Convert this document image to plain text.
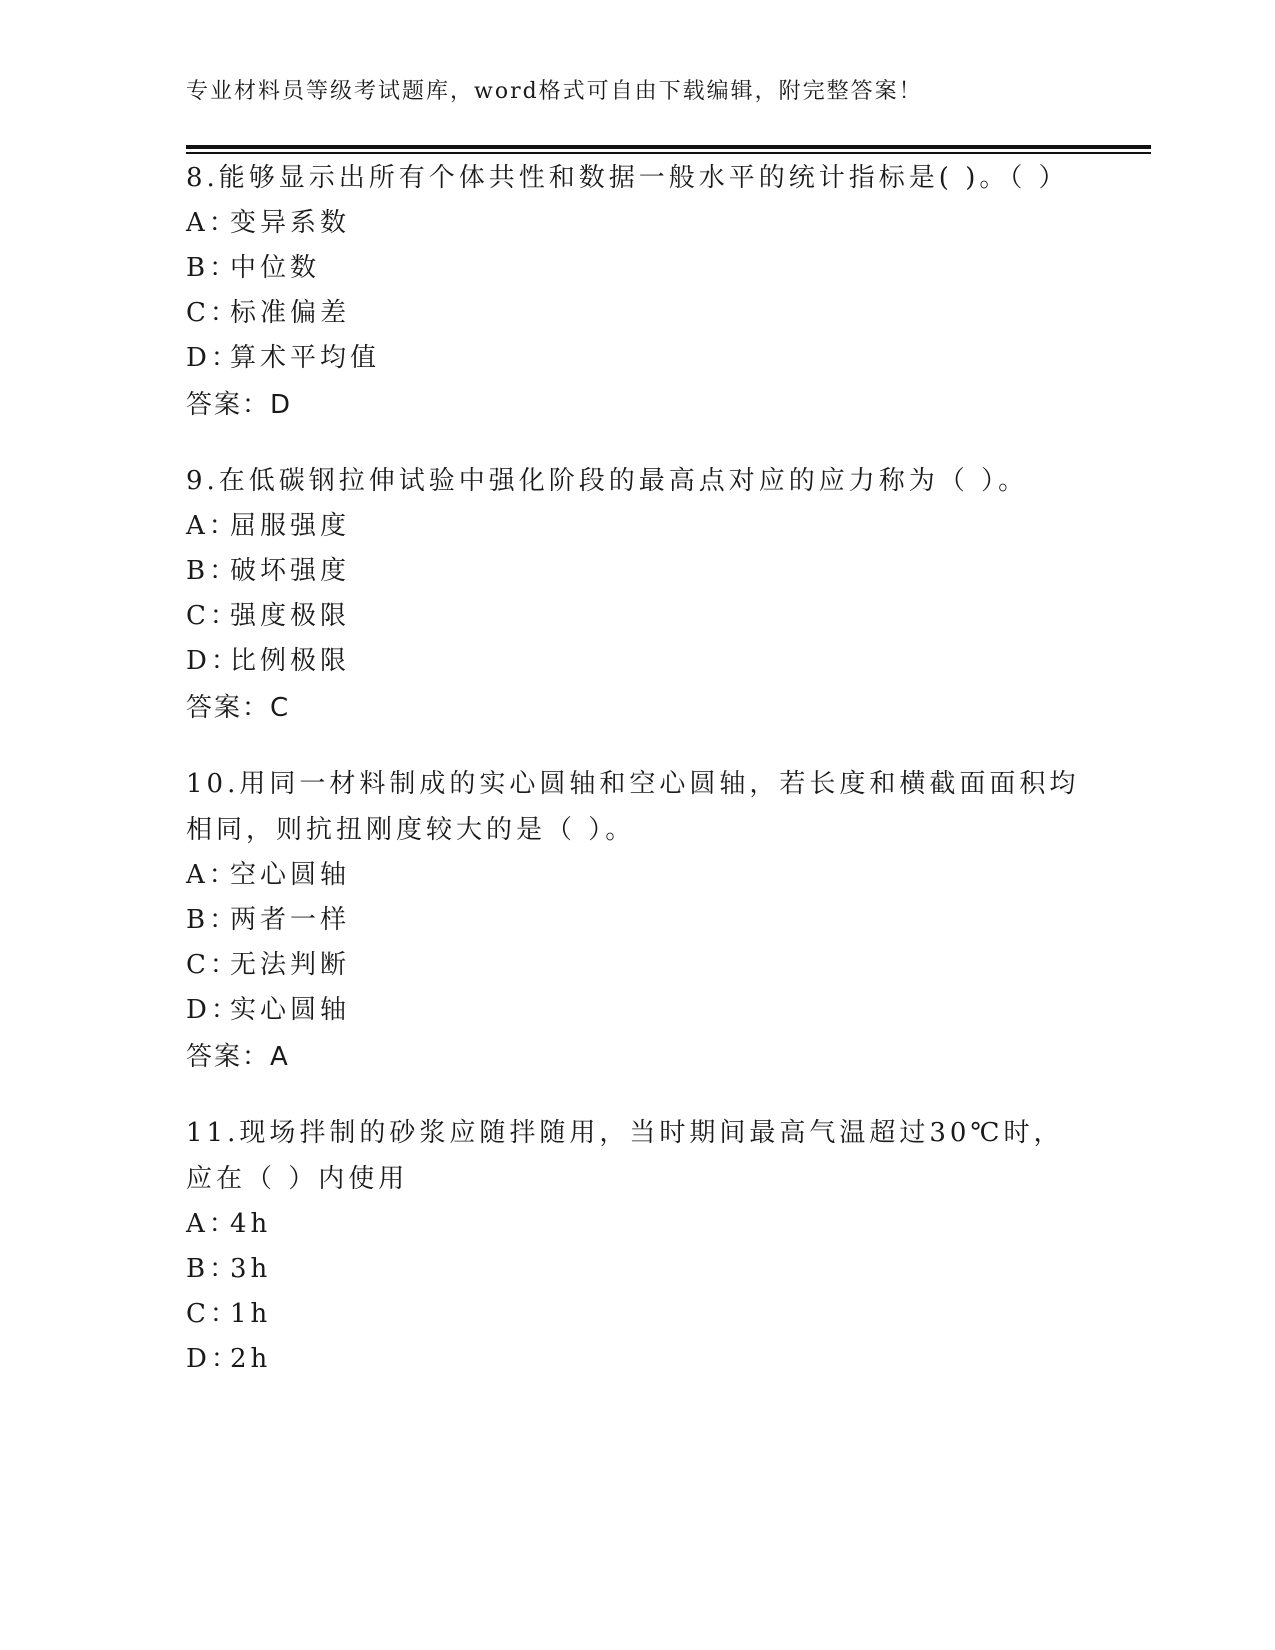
专业材料员等级考试题库，word格式可自由下载编辑，附完整答案！

8.能够显示出所有个体共性和数据一般水平的统计指标是( )。（ ）

A：变异系数
B：中位数
C：标准偏差
D：算术平均值

答案：D

9.在低碳钢拉伸试验中强化阶段的最高点对应的应力称为（ ）。

A：屈服强度
B：破坏强度
C：强度极限
D：比例极限

答案：C

10.用同一材料制成的实心圆轴和空心圆轴，若长度和横截面面积均相同，则抗扭刚度较大的是（ ）。

A：空心圆轴
B：两者一样
C：无法判断
D：实心圆轴

答案：A

11.现场拌制的砂浆应随拌随用，当时期间最高气温超过30℃时，应在（ ）内使用

A：4h
B：3h
C：1h
D：2h
